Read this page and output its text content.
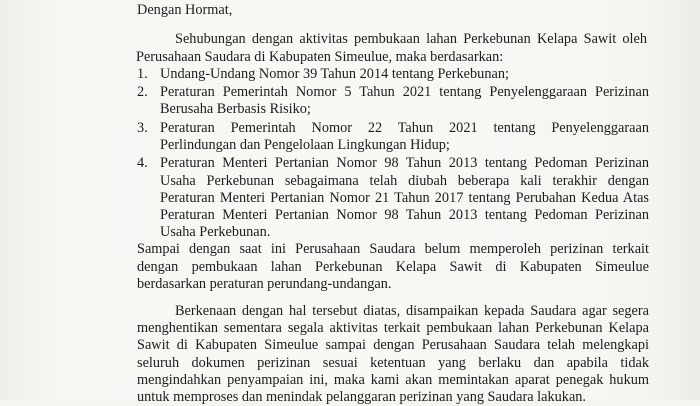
Dengan Hormat,
Sehubungan dengan aktivitas pembukaan lahan Perkebunan Kelapa Sawit oleh
Perusahaan Saudara di Kabupaten Simeulue, maka berdasarkan:
1. Undang-Undang Nomor 39 Tahun 2014 tentang Perkebunan;
2. Peraturan Pemerintah Nomor 5 Tahun 2021 tentang Penyelenggaraan Perizinan
Berusaha Berbasis Risiko;
3. Peraturan Pemerintah Nomor 22 Tahun 2021 tentang Penyelenggaraan
Perlindungan dan Pengelolaan Lingkungan Hidup;
4. Peraturan Menteri Pertanian Nomor 98 Tahun 2013 tentang Pedoman Perizinan
Usaha Perkebunan sebagaimana telah diubah beberapa kali terakhir dengan
Peraturan Menteri Pertanian Nomor 21 Tahun 2017 tentang Perubahan Kedua Atas
Peraturan Menteri Pertanian Nomor 98 Tahun 2013 tentang Pedoman Perizinan
Usaha Perkebunan.
Sampai dengan saat ini Perusahaan Saudara belum memperoleh perizinan terkait
dengan pembukaan lahan Perkebunan Kelapa Sawit di Kabupaten Simeulue
berdasarkan peraturan perundang-undangan.
Berkenaan dengan hal tersebut diatas, disampaikan kepada Saudara agar segera
menghentikan sementara segala aktivitas terkait pembukaan lahan Perkebunan Kelapa
Sawit di Kabupaten Simeulue sampai dengan Perusahaan Saudara telah melengkapi
seluruh dokumen perizinan sesuai ketentuan yang berlaku dan apabila tidak
mengindahkan penyampaian ini, maka kami akan memintakan aparat penegak hukum
untuk memproses dan menindak pelanggaran perizinan yang Saudara lakukan.
